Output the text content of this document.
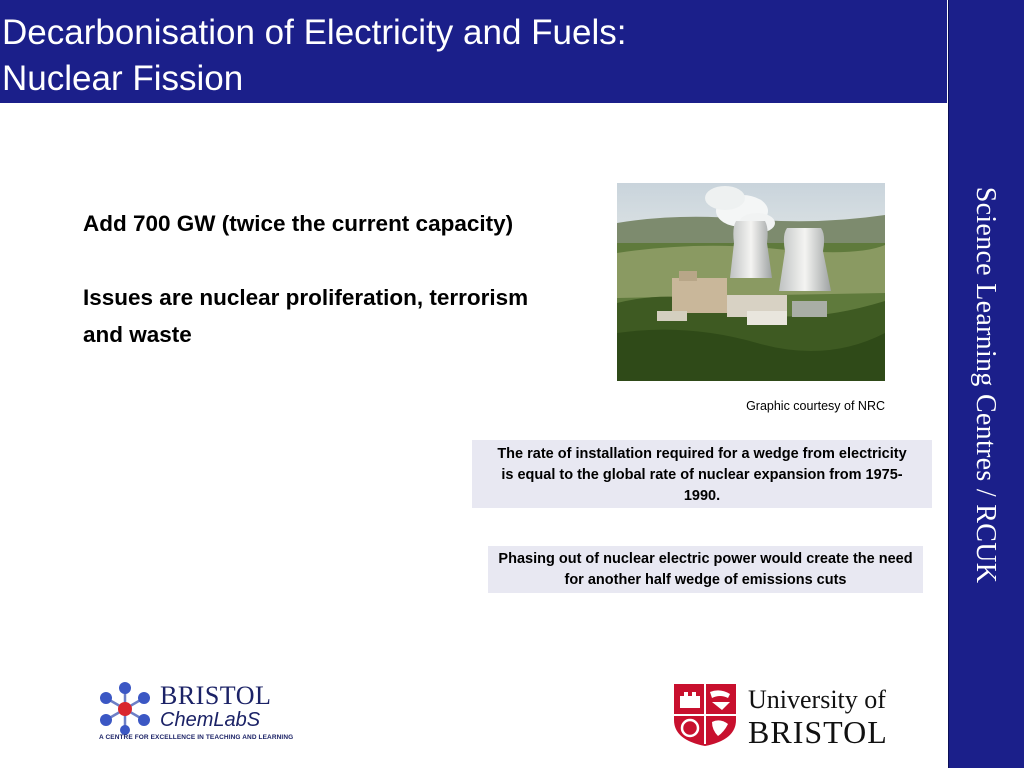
Decarbonisation of Electricity and Fuels:
Nuclear Fission
Science Learning Centres / RCUK

Add 700 GW (twice the current capacity)

Issues are nuclear proliferation, terrorism and waste

Graphic courtesy of NRC
The rate of installation required for a wedge from electricity is equal to the global rate of nuclear expansion from 1975-1990.
Phasing out of nuclear electric power would create the need for another half wedge of emissions cuts
BRISTOL
ChemLabS
A CENTRE FOR EXCELLENCE IN TEACHING AND LEARNING
University of
BRISTOL
